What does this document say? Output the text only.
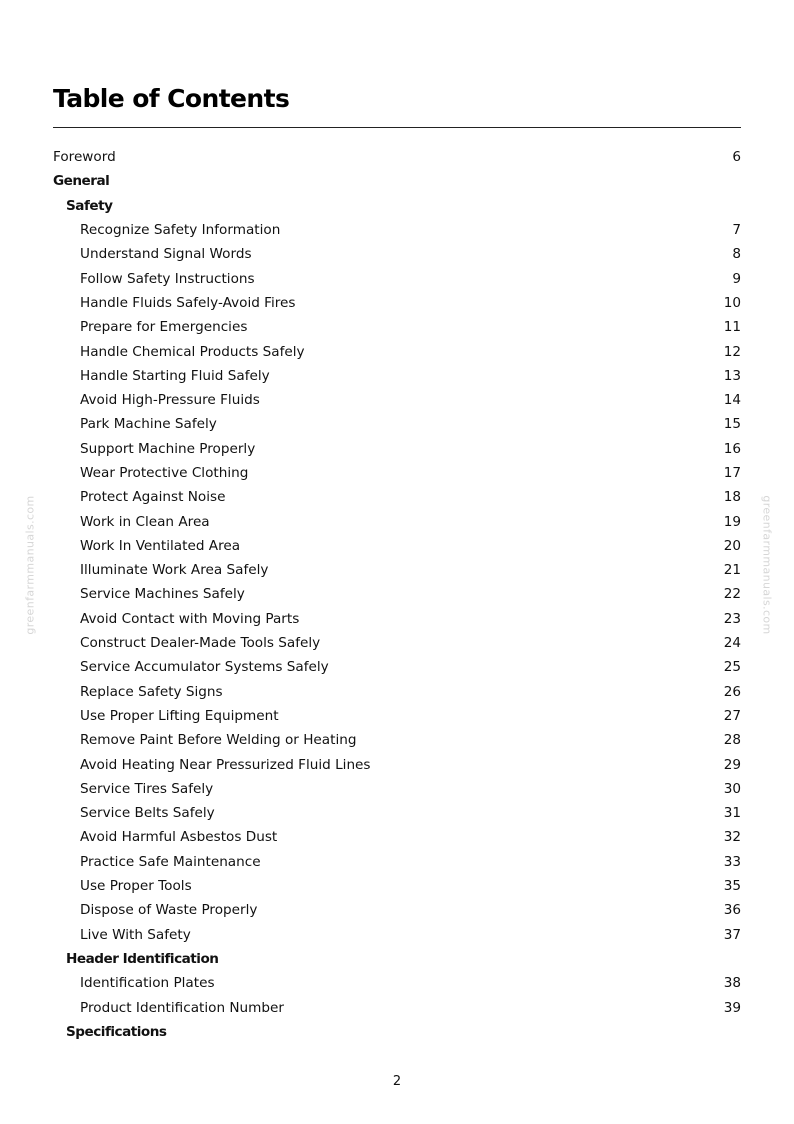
Table of Contents
Foreword	6
General
Safety
Recognize Safety Information	7
Understand Signal Words	8
Follow Safety Instructions	9
Handle Fluids Safely-Avoid Fires	10
Prepare for Emergencies	11
Handle Chemical Products Safely	12
Handle Starting Fluid Safely	13
Avoid High-Pressure Fluids	14
Park Machine Safely	15
Support Machine Properly	16
Wear Protective Clothing	17
Protect Against Noise	18
Work in Clean Area	19
Work In Ventilated Area	20
Illuminate Work Area Safely	21
Service Machines Safely	22
Avoid Contact with Moving Parts	23
Construct Dealer-Made Tools Safely	24
Service Accumulator Systems Safely	25
Replace Safety Signs	26
Use Proper Lifting Equipment	27
Remove Paint Before Welding or Heating	28
Avoid Heating Near Pressurized Fluid Lines	29
Service Tires Safely	30
Service Belts Safely	31
Avoid Harmful Asbestos Dust	32
Practice Safe Maintenance	33
Use Proper Tools	35
Dispose of Waste Properly	36
Live With Safety	37
Header Identification
Identification Plates	38
Product Identification Number	39
Specifications
greenfarmmanuals.com	greenfarmmanuals.com
2
